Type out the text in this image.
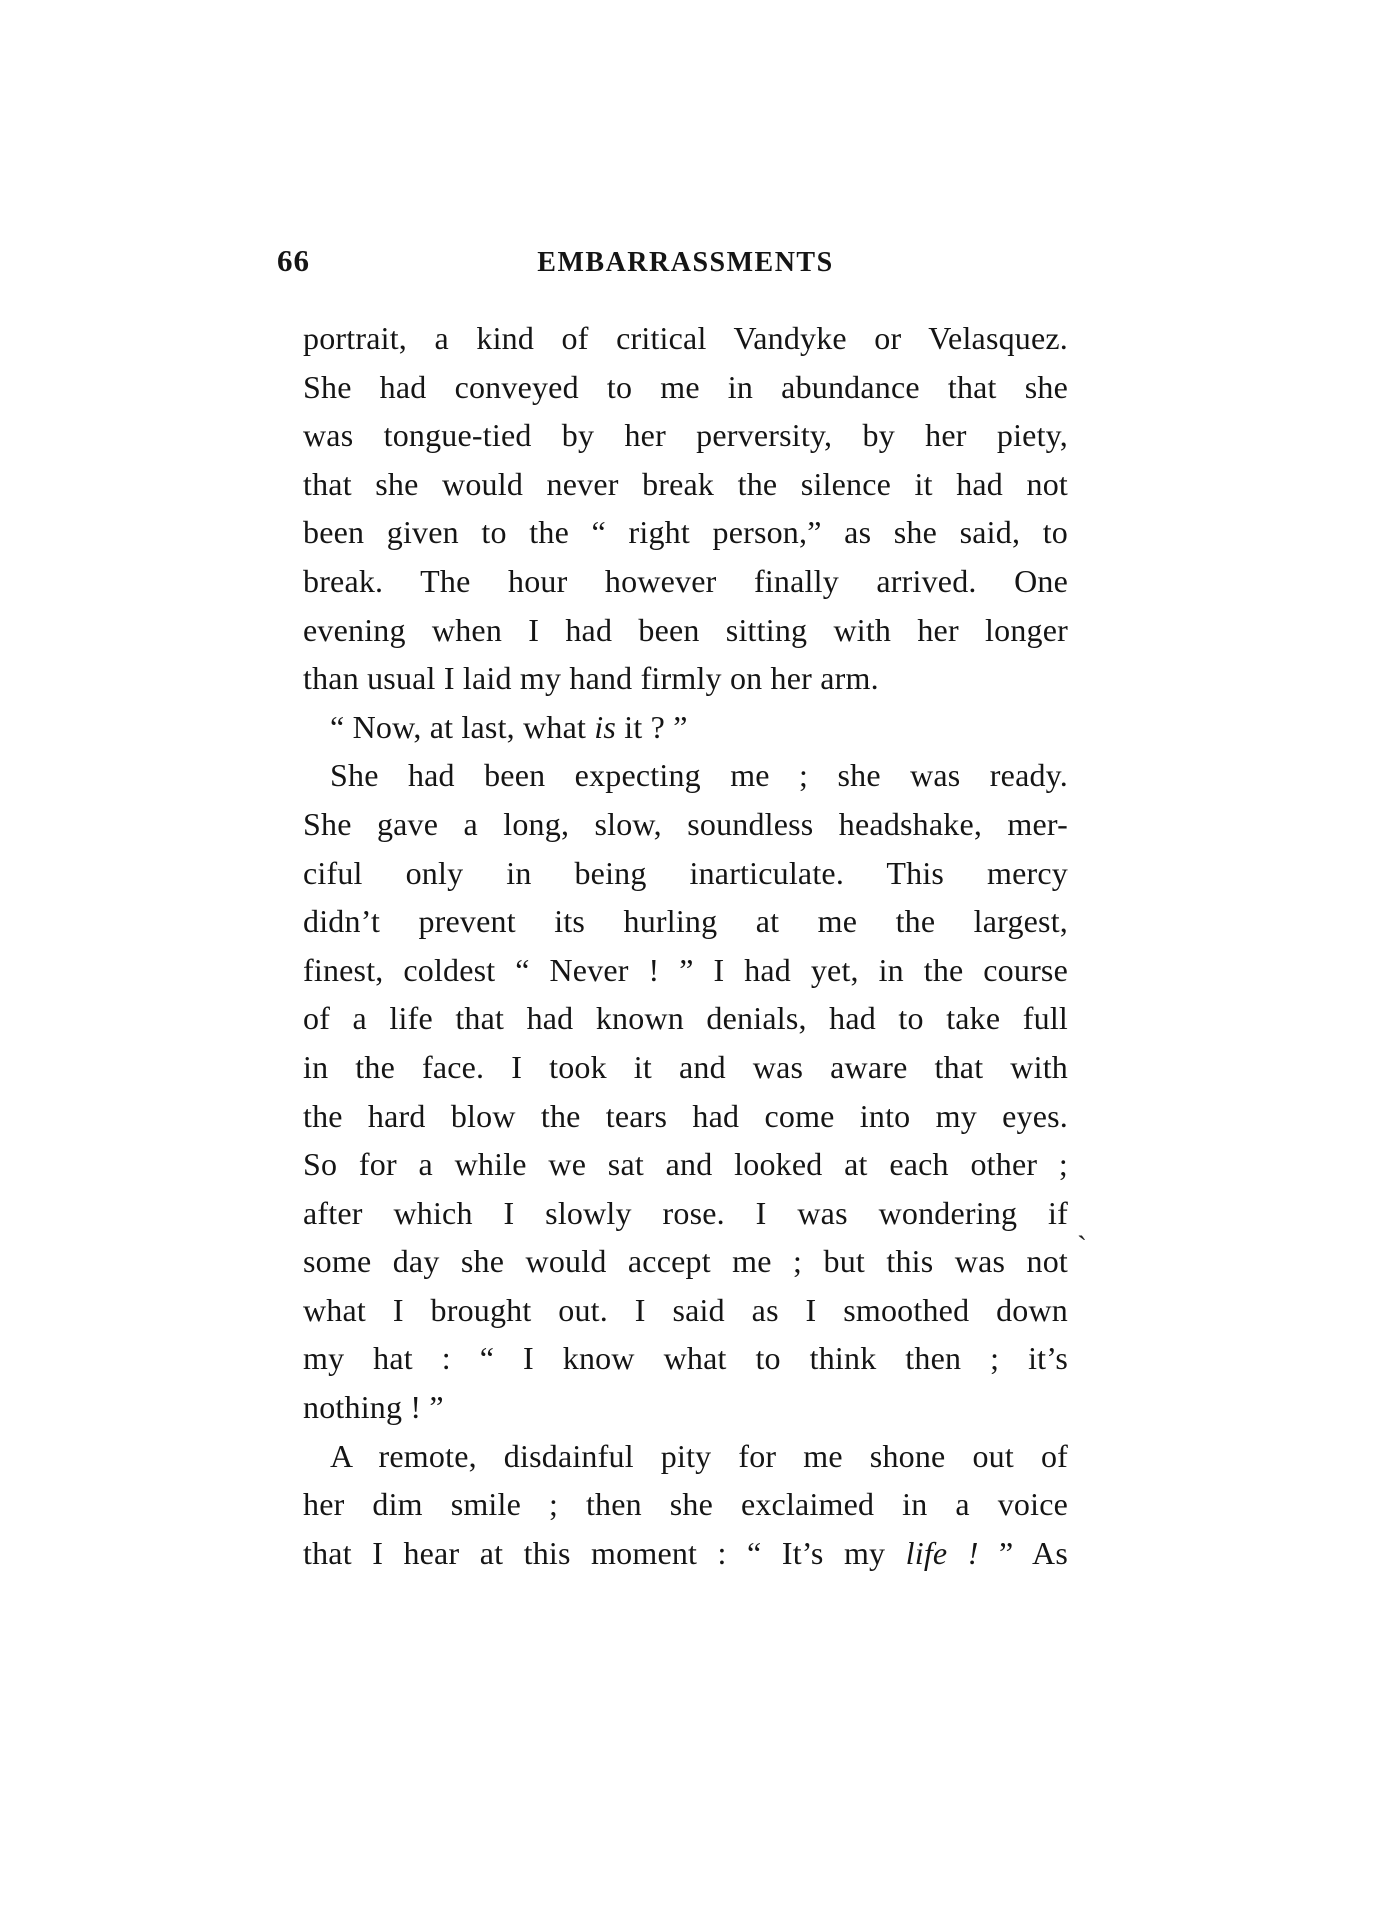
66	EMBARRASSMENTS
portrait, a kind of critical Vandyke or Velasquez.
She had conveyed to me in abundance that she
was tongue-tied by her perversity, by her piety,
that she would never break the silence it had not
been given to the “ right person,” as she said, to
break. The hour however finally arrived. One
evening when I had been sitting with her longer
than usual I laid my hand firmly on her arm.
“ Now, at last, what is it ? ”
She had been expecting me ; she was ready.
She gave a long, slow, soundless headshake, mer-
ciful only in being inarticulate. This mercy
didn’t prevent its hurling at me the largest,
finest, coldest “ Never ! ” I had yet, in the course
of a life that had known denials, had to take full
in the face. I took it and was aware that with
the hard blow the tears had come into my eyes.
So for a while we sat and looked at each other ;
after which I slowly rose. I was wondering if
some day she would accept me ; but this was not
what I brought out. I said as I smoothed down
my hat : “ I know what to think then ; it’s
nothing ! ”
A remote, disdainful pity for me shone out of
her dim smile ; then she exclaimed in a voice
that I hear at this moment : “ It’s my life ! ” As
ˋ
